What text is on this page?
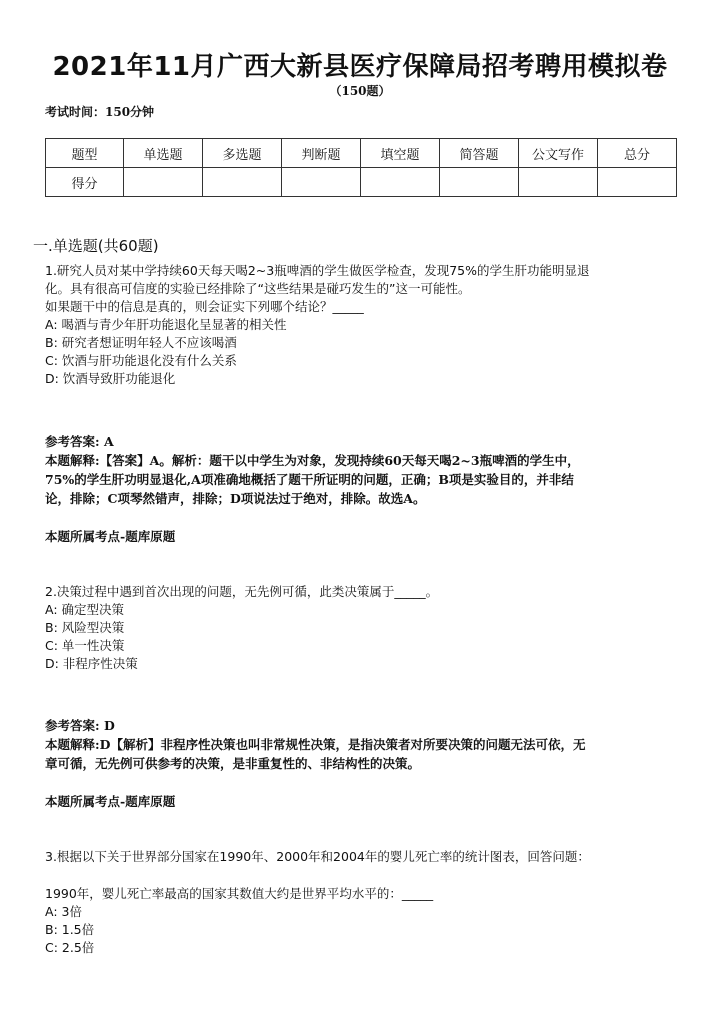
2021年11月广西大新县医疗保障局招考聘用模拟卷
（150题）
考试时间：150分钟
题型	单选题	多选题	判断题	填空题	简答题	公文写作	总分
得分							
一.单选题(共60题)
1.研究人员对某中学持续60天每天喝2~3瓶啤酒的学生做医学检查，发现75%的学生肝功能明显退
化。具有很高可信度的实验已经排除了“这些结果是碰巧发生的”这一可能性。
如果题干中的信息是真的，则会证实下列哪个结论？_____
A: 喝酒与青少年肝功能退化呈显著的相关性
B: 研究者想证明年轻人不应该喝酒
C: 饮酒与肝功能退化没有什么关系
D: 饮酒导致肝功能退化
参考答案: A
本题解释:【答案】A。解析：题干以中学生为对象，发现持续60天每天喝2~3瓶啤酒的学生中，
75%的学生肝功明显退化,A项准确地概括了题干所证明的问题，正确；B项是实验目的，并非结
论，排除；C项琴然错声，排除；D项说法过于绝对，排除。故选A。
本题所属考点-题库原题
2.决策过程中遇到首次出现的问题，无先例可循，此类决策属于_____。
A: 确定型决策
B: 风险型决策
C: 单一性决策
D: 非程序性决策
参考答案: D
本题解释:D【解析】非程序性决策也叫非常规性决策，是指决策者对所要决策的问题无法可依，无
章可循，无先例可供参考的决策，是非重复性的、非结构性的决策。
本题所属考点-题库原题
3.根据以下关于世界部分国家在1990年、2000年和2004年的婴儿死亡率的统计图表，回答问题：
1990年，婴儿死亡率最高的国家其数值大约是世界平均水平的：_____
A: 3倍
B: 1.5倍
C: 2.5倍
